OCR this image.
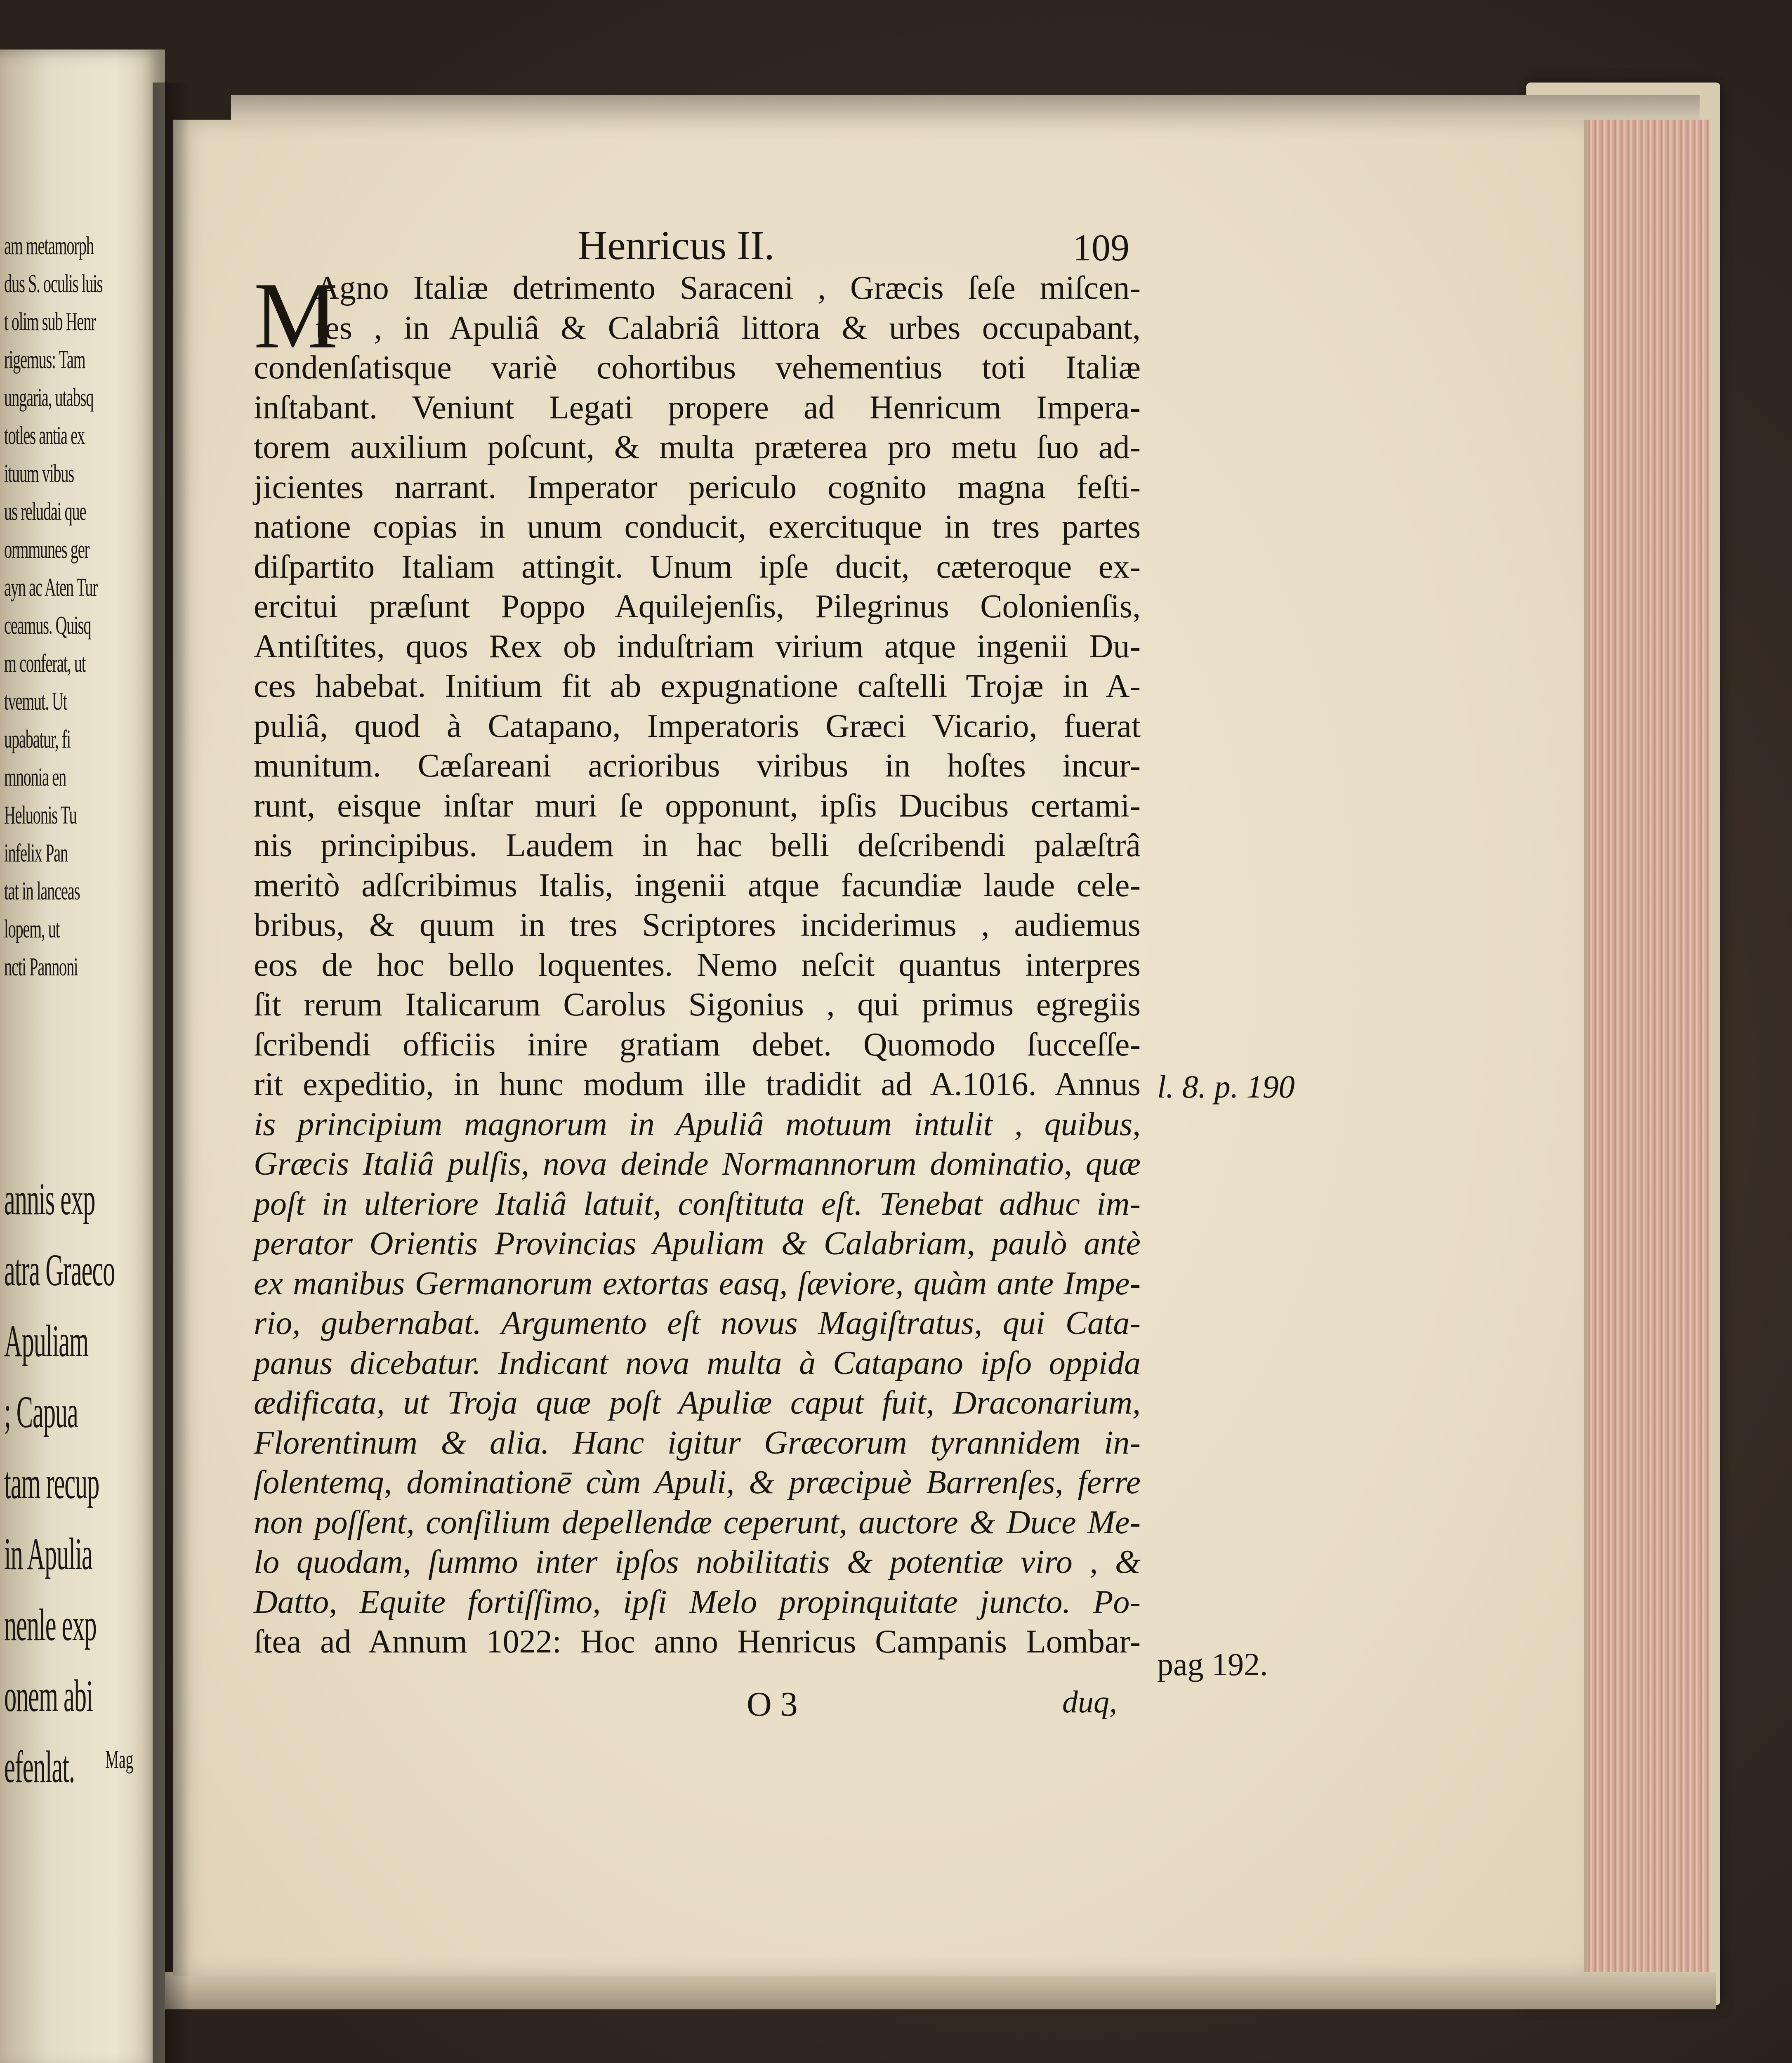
am metamorph
dus S. oculis luis
t olim sub Henr
rigemus: Tam
ungaria, utabsq
totles antia ex
ituum vibus
us reludai que
ormmunes ger
ayn ac Aten Tur
ceamus. Quisq
m conferat, ut
tvemut. Ut
upabatur, fi
mnonia en
Heluonis Tu
infelix Pan
tat in lanceas
lopem, ut
ncti Pannoni
annis exp
atra Graeco
Apuliam
; Capua
tam recup
in Apulia
nenle exp
onem abi
efenlat.	Mag
Henricus II.	109
M
Agno Italiæ detrimento Saraceni , Græcis ſeſe miſcen-
tes , in Apuliâ & Calabriâ littora & urbes occupabant,
condenſatisque variè cohortibus vehementius toti Italiæ
inſtabant. Veniunt Legati propere ad Henricum Impera-
torem auxilium poſcunt, & multa præterea pro metu ſuo ad-
jicientes narrant. Imperator periculo cognito magna feſti-
natione copias in unum conducit, exercituque in tres partes
diſpartito Italiam attingit. Unum ipſe ducit, cæteroque ex-
ercitui præſunt Poppo Aquilejenſis, Pilegrinus Colonienſis,
Antiſtites, quos Rex ob induſtriam virium atque ingenii Du-
ces habebat. Initium fit ab expugnatione caſtelli Trojæ in A-
puliâ, quod à Catapano, Imperatoris Græci Vicario, fuerat
munitum. Cæſareani acrioribus viribus in hoſtes incur-
runt, eisque inſtar muri ſe opponunt, ipſis Ducibus certami-
nis principibus. Laudem in hac belli deſcribendi palæſtrâ
meritò adſcribimus Italis, ingenii atque facundiæ laude cele-
bribus, & quum in tres Scriptores inciderimus , audiemus
eos de hoc bello loquentes. Nemo neſcit quantus interpres
ſit rerum Italicarum Carolus Sigonius , qui primus egregiis
ſcribendi officiis inire gratiam debet. Quomodo ſucceſſe-
rit expeditio, in hunc modum ille tradidit ad A.1016. Annus
is principium magnorum in Apuliâ motuum intulit , quibus,
Græcis Italiâ pulſis, nova deinde Normannorum dominatio, quæ
poſt in ulteriore Italiâ latuit, conſtituta eſt. Tenebat adhuc im-
perator Orientis Provincias Apuliam & Calabriam, paulò antè
ex manibus Germanorum extortas easq, ſæviore, quàm ante Impe-
rio, gubernabat. Argumento eſt novus Magiſtratus, qui Cata-
panus dicebatur. Indicant nova multa à Catapano ipſo oppida
ædificata, ut Troja quæ poſt Apuliæ caput fuit, Draconarium,
Florentinum & alia. Hanc igitur Græcorum tyrannidem in-
ſolentemq, dominationē cùm Apuli, & præcipuè Barrenſes, ferre
non poſſent, conſilium depellendæ ceperunt, auctore & Duce Me-
lo quodam, ſummo inter ipſos nobilitatis & potentiæ viro , &
Datto, Equite fortiſſimo, ipſi Melo propinquitate junctо. Po-
ſtea ad Annum 1022: Hoc anno Henricus Campanis Lombar-
l. 8. p. 190
pag 192.
O 3	duq,
